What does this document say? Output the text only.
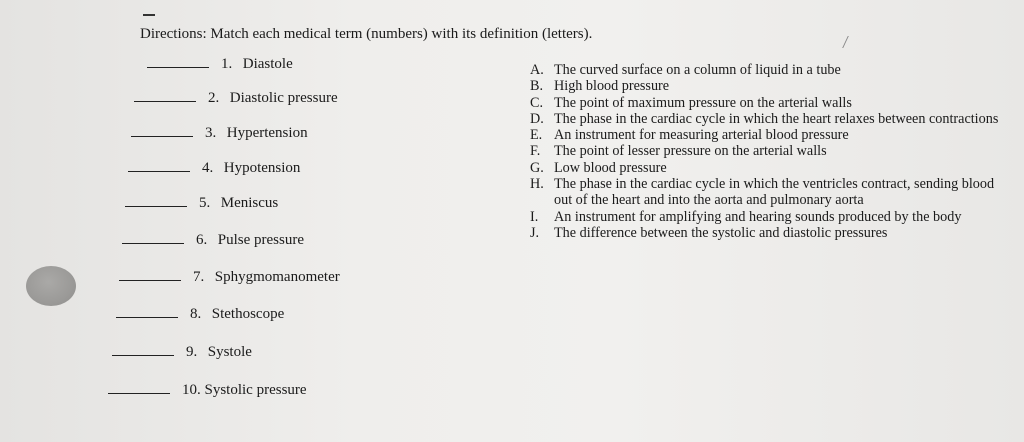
Directions: Match each medical term (numbers) with its definition (letters).
1. Diastole
2. Diastolic pressure
3. Hypertension
4. Hypotension
5. Meniscus
6. Pulse pressure
7. Sphygmomanometer
8. Stethoscope
9. Systole
10. Systolic pressure
A. The curved surface on a column of liquid in a tube
B. High blood pressure
C. The point of maximum pressure on the arterial walls
D. The phase in the cardiac cycle in which the heart relaxes between contractions
E. An instrument for measuring arterial blood pressure
F. The point of lesser pressure on the arterial walls
G. Low blood pressure
H. The phase in the cardiac cycle in which the ventricles contract, sending blood out of the heart and into the aorta and pulmonary aorta
I.	An instrument for amplifying and hearing sounds produced by the body
J.	The difference between the systolic and diastolic pressures
